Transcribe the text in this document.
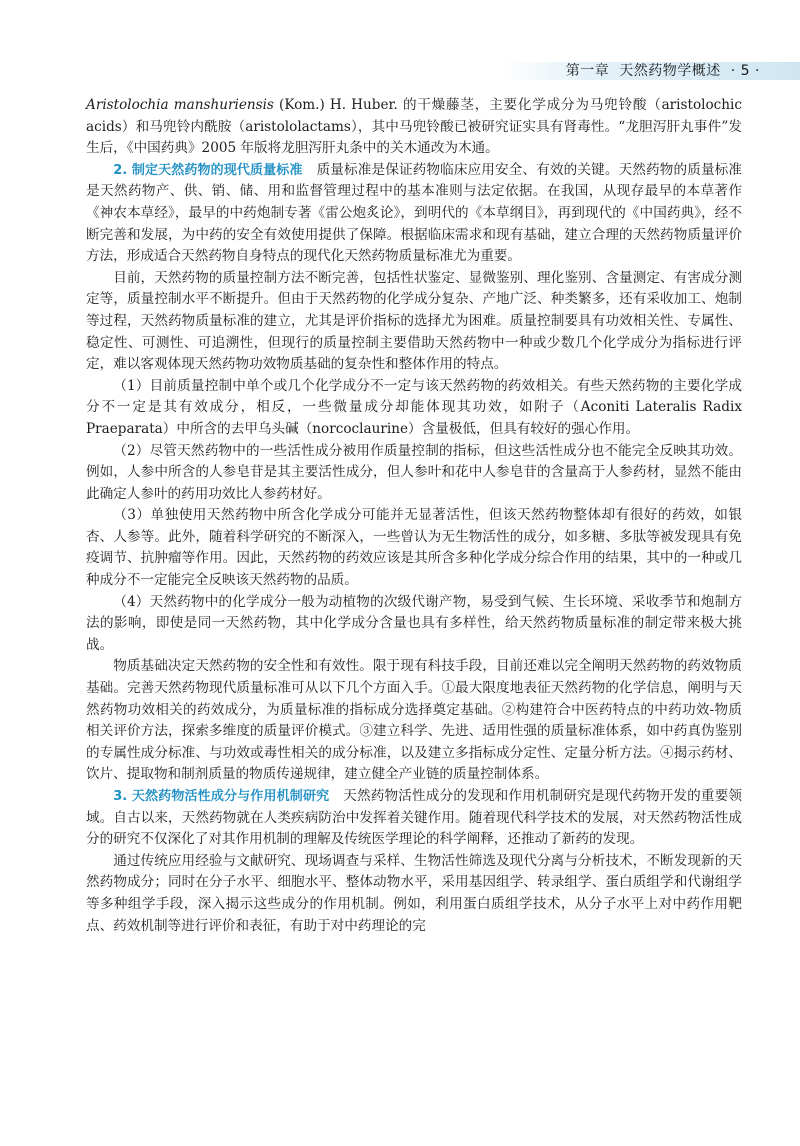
第一章 天然药物学概述 · 5 ·

Aristolochia manshuriensis (Kom.) H. Huber. 的干燥藤茎，主要化学成分为马兜铃酸（aristolochic acids）和马兜铃内酰胺（aristololactams），其中马兜铃酸已被研究证实具有肾毒性。“龙胆泻肝丸事件”发生后，《中国药典》2005 年版将龙胆泻肝丸条中的关木通改为木通。

2. 制定天然药物的现代质量标准 质量标准是保证药物临床应用安全、有效的关键。天然药物的质量标准是天然药物产、供、销、储、用和监督管理过程中的基本准则与法定依据。在我国，从现存最早的本草著作《神农本草经》，最早的中药炮制专著《雷公炮炙论》，到明代的《本草纲目》，再到现代的《中国药典》，经不断完善和发展，为中药的安全有效使用提供了保障。根据临床需求和现有基础，建立合理的天然药物质量评价方法，形成适合天然药物自身特点的现代化天然药物质量标准尤为重要。

目前，天然药物的质量控制方法不断完善，包括性状鉴定、显微鉴别、理化鉴别、含量测定、有害成分测定等，质量控制水平不断提升。但由于天然药物的化学成分复杂、产地广泛、种类繁多，还有采收加工、炮制等过程，天然药物质量标准的建立，尤其是评价指标的选择尤为困难。质量控制要具有功效相关性、专属性、稳定性、可测性、可追溯性，但现行的质量控制主要借助天然药物中一种或少数几个化学成分为指标进行评定，难以客观体现天然药物功效物质基础的复杂性和整体作用的特点。

（1）目前质量控制中单个或几个化学成分不一定与该天然药物的药效相关。有些天然药物的主要化学成分不一定是其有效成分，相反，一些微量成分却能体现其功效，如附子（Aconiti Lateralis Radix Praeparata）中所含的去甲乌头碱（norcoclaurine）含量极低，但具有较好的强心作用。

（2）尽管天然药物中的一些活性成分被用作质量控制的指标，但这些活性成分也不能完全反映其功效。例如，人参中所含的人参皂苷是其主要活性成分，但人参叶和花中人参皂苷的含量高于人参药材，显然不能由此确定人参叶的药用功效比人参药材好。

（3）单独使用天然药物中所含化学成分可能并无显著活性，但该天然药物整体却有很好的药效，如银杏、人参等。此外，随着科学研究的不断深入，一些曾认为无生物活性的成分，如多糖、多肽等被发现具有免疫调节、抗肿瘤等作用。因此，天然药物的药效应该是其所含多种化学成分综合作用的结果，其中的一种或几种成分不一定能完全反映该天然药物的品质。

（4）天然药物中的化学成分一般为动植物的次级代谢产物，易受到气候、生长环境、采收季节和炮制方法的影响，即使是同一天然药物，其中化学成分含量也具有多样性，给天然药物质量标准的制定带来极大挑战。

物质基础决定天然药物的安全性和有效性。限于现有科技手段，目前还难以完全阐明天然药物的药效物质基础。完善天然药物现代质量标准可从以下几个方面入手。①最大限度地表征天然药物的化学信息，阐明与天然药物功效相关的药效成分，为质量标准的指标成分选择奠定基础。②构建符合中医药特点的中药功效-物质相关评价方法，探索多维度的质量评价模式。③建立科学、先进、适用性强的质量标准体系，如中药真伪鉴别的专属性成分标准、与功效或毒性相关的成分标准，以及建立多指标成分定性、定量分析方法。④揭示药材、饮片、提取物和制剂质量的物质传递规律，建立健全产业链的质量控制体系。

3. 天然药物活性成分与作用机制研究 天然药物活性成分的发现和作用机制研究是现代药物开发的重要领域。自古以来，天然药物就在人类疾病防治中发挥着关键作用。随着现代科学技术的发展，对天然药物活性成分的研究不仅深化了对其作用机制的理解及传统医学理论的科学阐释，还推动了新药的发现。

通过传统应用经验与文献研究、现场调查与采样、生物活性筛选及现代分离与分析技术，不断发现新的天然药物成分；同时在分子水平、细胞水平、整体动物水平，采用基因组学、转录组学、蛋白质组学和代谢组学等多种组学手段，深入揭示这些成分的作用机制。例如，利用蛋白质组学技术，从分子水平上对中药作用靶点、药效机制等进行评价和表征，有助于对中药理论的完
